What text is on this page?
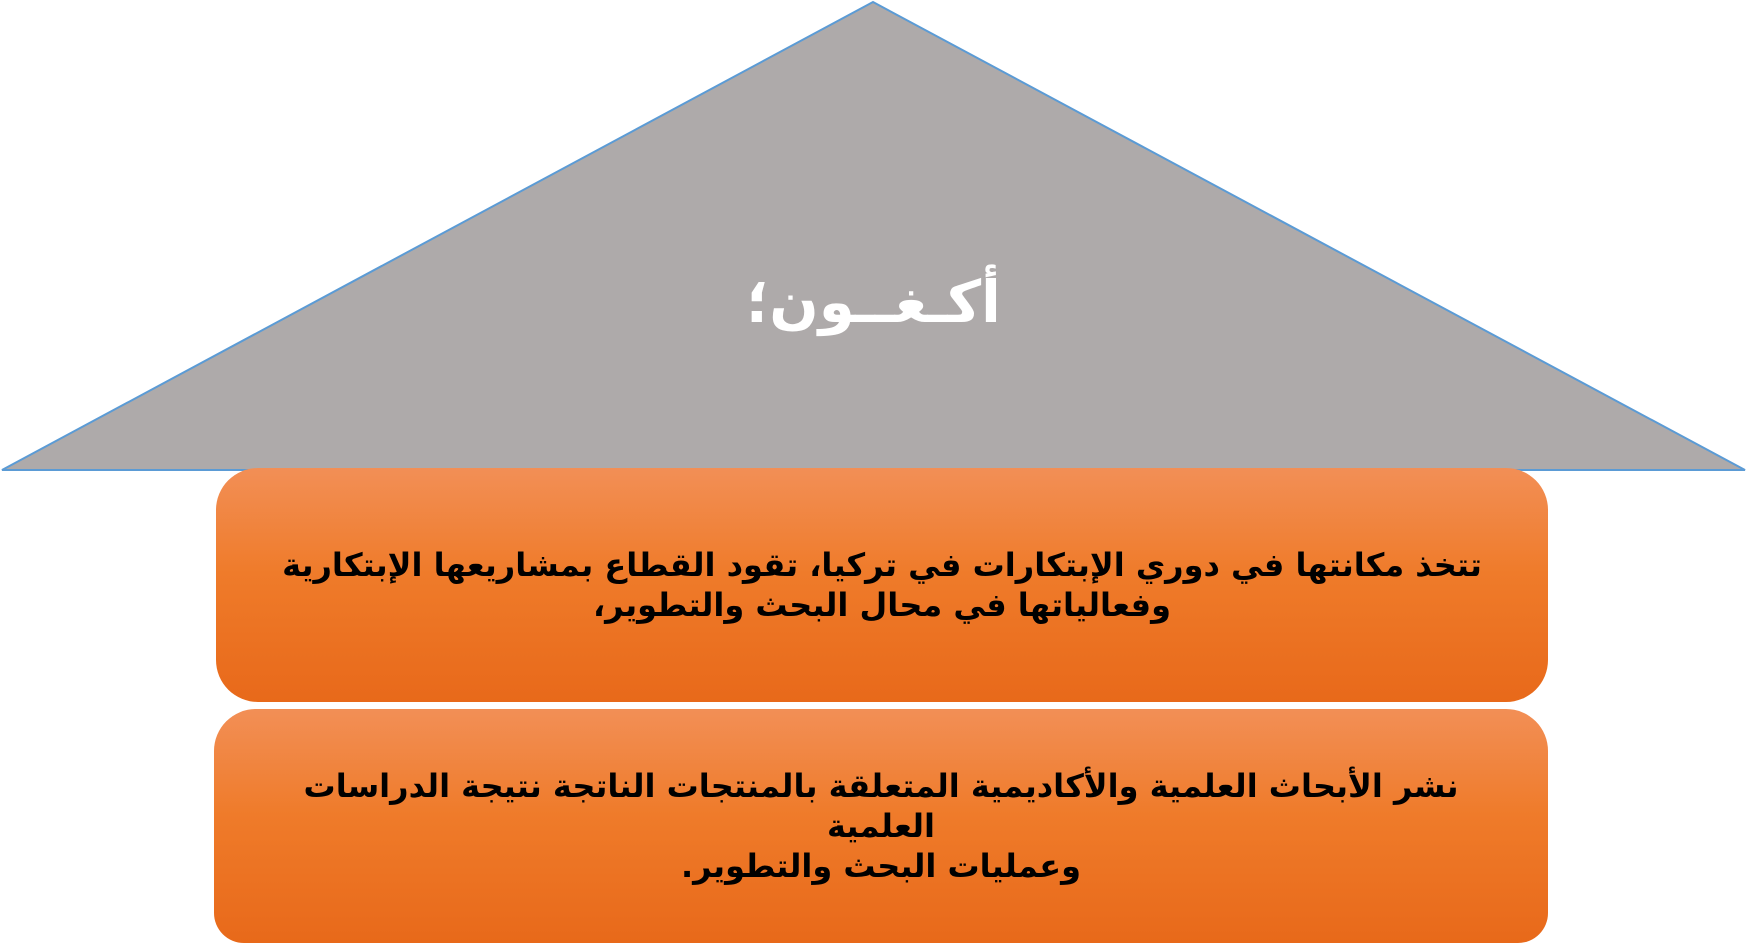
أكـغــون؛
تتخذ مكانتها في دوري الإبتكارات في تركيا، تقود القطاع بمشاريعها الإبتكارية
وفعالياتها في محال البحث والتطوير،
نشر الأبحاث العلمية والأكاديمية المتعلقة بالمنتجات الناتجة نتيجة الدراسات العلمية
وعمليات البحث والتطوير.
